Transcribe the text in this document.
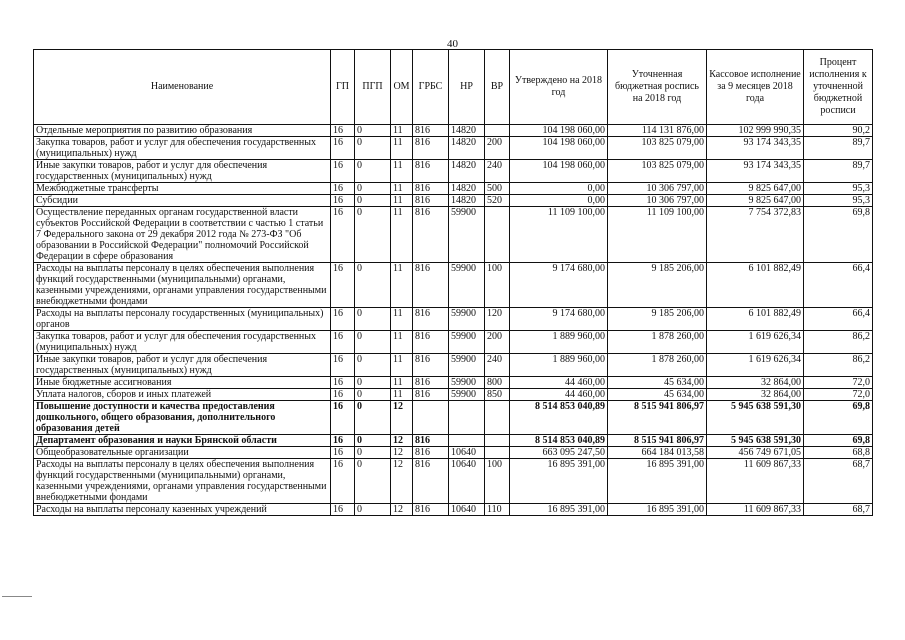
40
Наименование	ГП	ПГП	ОМ	ГРБС	НР	ВР	Утверждено на 2018 год	Уточненная бюджетная роспись на 2018 год	Кассовое исполнение за 9 месяцев 2018 года	Процент исполнения к уточненной бюджетной росписи
Отдельные мероприятия по развитию образования	16	0	11	816	14820		104 198 060,00	114 131 876,00	102 999 990,35	90,2
Закупка товаров, работ и услуг для обеспечения государственных (муниципальных) нужд	16	0	11	816	14820	200	104 198 060,00	103 825 079,00	93 174 343,35	89,7
Иные закупки товаров, работ и услуг для обеспечения государственных (муниципальных) нужд	16	0	11	816	14820	240	104 198 060,00	103 825 079,00	93 174 343,35	89,7
Межбюджетные трансферты	16	0	11	816	14820	500	0,00	10 306 797,00	9 825 647,00	95,3
Субсидии	16	0	11	816	14820	520	0,00	10 306 797,00	9 825 647,00	95,3
Осуществление переданных органам государственной власти субъектов Российской Федерации в соответствии с частью 1 статьи 7 Федерального закона от 29 декабря 2012 года № 273-ФЗ "Об образовании в Российской Федерации" полномочий Российской Федерации в сфере образования	16	0	11	816	59900		11 109 100,00	11 109 100,00	7 754 372,83	69,8
Расходы на выплаты персоналу в целях обеспечения выполнения функций государственными (муниципальными) органами, казенными учреждениями, органами управления государственными внебюджетными фондами	16	0	11	816	59900	100	9 174 680,00	9 185 206,00	6 101 882,49	66,4
Расходы на выплаты персоналу государственных (муниципальных) органов	16	0	11	816	59900	120	9 174 680,00	9 185 206,00	6 101 882,49	66,4
Закупка товаров, работ и услуг для обеспечения государственных (муниципальных) нужд	16	0	11	816	59900	200	1 889 960,00	1 878 260,00	1 619 626,34	86,2
Иные закупки товаров, работ и услуг для обеспечения государственных (муниципальных) нужд	16	0	11	816	59900	240	1 889 960,00	1 878 260,00	1 619 626,34	86,2
Иные бюджетные ассигнования	16	0	11	816	59900	800	44 460,00	45 634,00	32 864,00	72,0
Уплата налогов, сборов и иных платежей	16	0	11	816	59900	850	44 460,00	45 634,00	32 864,00	72,0
Повышение доступности и качества предоставления дошкольного, общего образования, дополнительного образования детей	16	0	12				8 514 853 040,89	8 515 941 806,97	5 945 638 591,30	69,8
Департамент образования и науки Брянской области	16	0	12	816			8 514 853 040,89	8 515 941 806,97	5 945 638 591,30	69,8
Общеобразовательные организации	16	0	12	816	10640		663 095 247,50	664 184 013,58	456 749 671,05	68,8
Расходы на выплаты персоналу в целях обеспечения выполнения функций государственными (муниципальными) органами, казенными учреждениями, органами управления государственными внебюджетными фондами	16	0	12	816	10640	100	16 895 391,00	16 895 391,00	11 609 867,33	68,7
Расходы на выплаты персоналу казенных учреждений	16	0	12	816	10640	110	16 895 391,00	16 895 391,00	11 609 867,33	68,7
